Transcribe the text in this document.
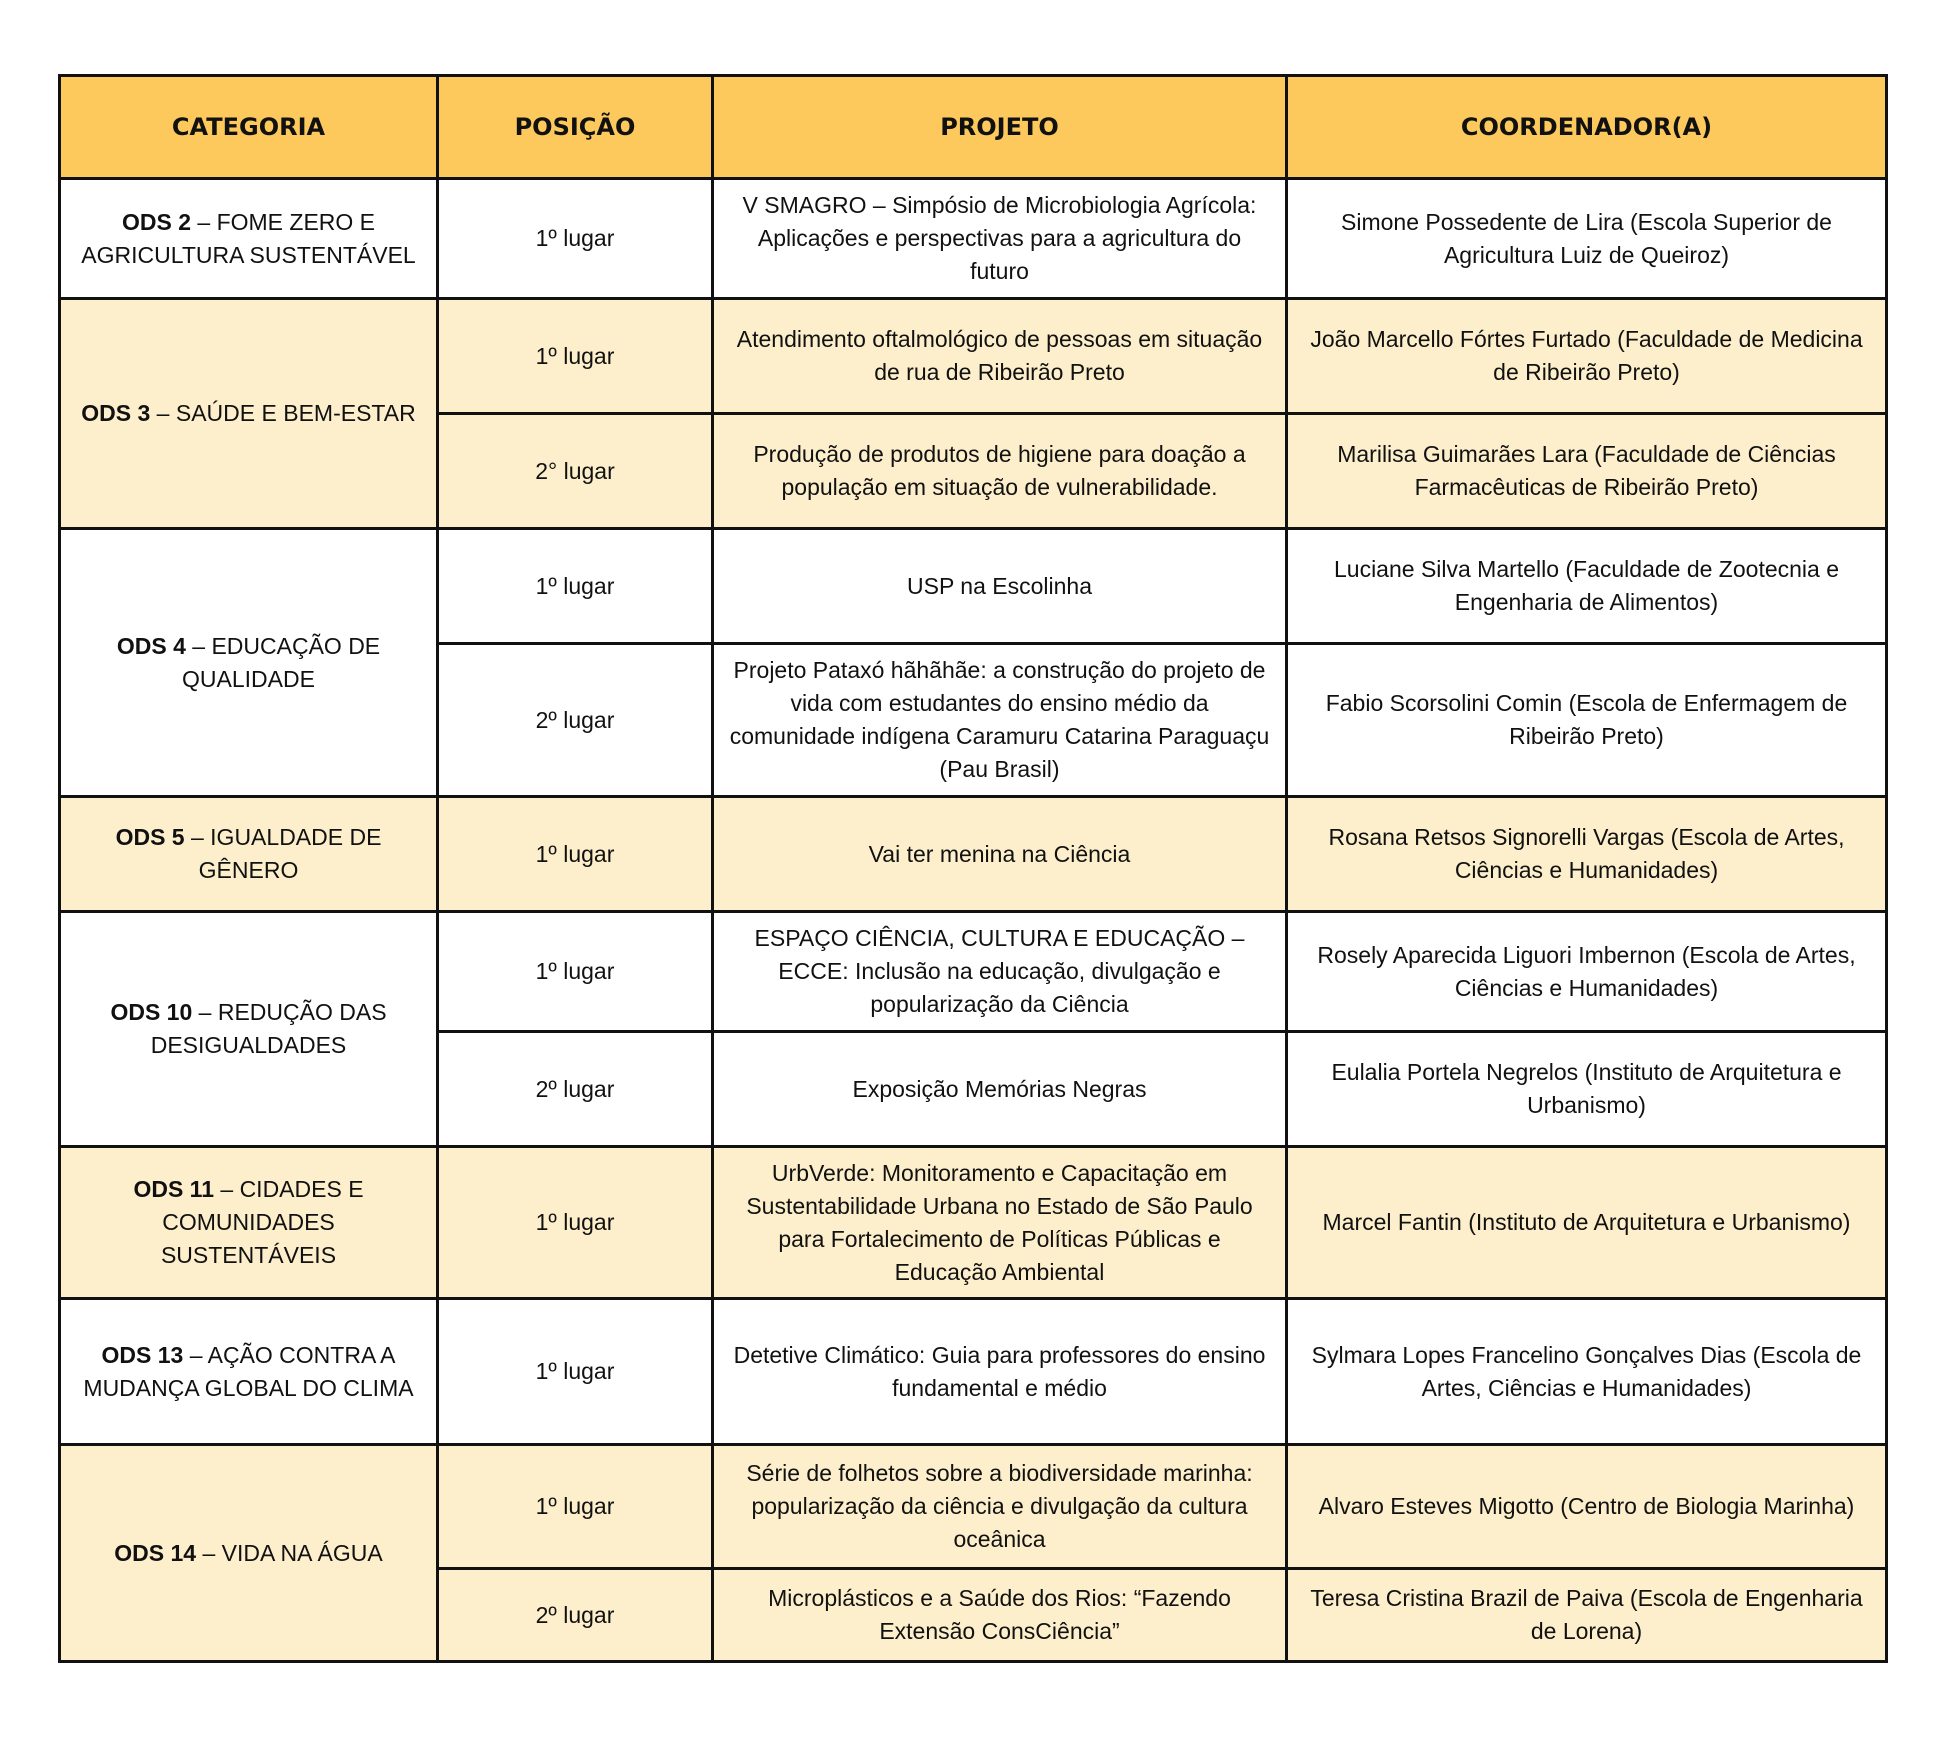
CATEGORIA	POSIÇÃO	PROJETO	COORDENADOR(A)
ODS 2 – FOME ZERO E AGRICULTURA SUSTENTÁVEL	1º lugar	V SMAGRO – Simpósio de Microbiologia Agrícola: Aplicações e perspectivas para a agricultura do futuro	Simone Possedente de Lira (Escola Superior de Agricultura Luiz de Queiroz)
ODS 3 – SAÚDE E BEM-ESTAR	1º lugar	Atendimento oftalmológico de pessoas em situação de rua de Ribeirão Preto	João Marcello Fórtes Furtado (Faculdade de Medicina de Ribeirão Preto)
	2° lugar	Produção de produtos de higiene para doação a população em situação de vulnerabilidade.	Marilisa Guimarães Lara (Faculdade de Ciências Farmacêuticas de Ribeirão Preto)
ODS 4 – EDUCAÇÃO DE QUALIDADE	1º lugar	USP na Escolinha	Luciane Silva Martello (Faculdade de Zootecnia e Engenharia de Alimentos)
	2º lugar	Projeto Pataxó hãhãhãe: a construção do projeto de vida com estudantes do ensino médio da comunidade indígena Caramuru Catarina Paraguaçu (Pau Brasil)	Fabio Scorsolini Comin (Escola de Enfermagem de Ribeirão Preto)
ODS 5 – IGUALDADE DE GÊNERO	1º lugar	Vai ter menina na Ciência	Rosana Retsos Signorelli Vargas (Escola de Artes, Ciências e Humanidades)
ODS 10 – REDUÇÃO DAS DESIGUALDADES	1º lugar	ESPAÇO CIÊNCIA, CULTURA E EDUCAÇÃO – ECCE: Inclusão na educação, divulgação e popularização da Ciência	Rosely Aparecida Liguori Imbernon (Escola de Artes, Ciências e Humanidades)
	2º lugar	Exposição Memórias Negras	Eulalia Portela Negrelos (Instituto de Arquitetura e Urbanismo)
ODS 11 – CIDADES E COMUNIDADES SUSTENTÁVEIS	1º lugar	UrbVerde: Monitoramento e Capacitação em Sustentabilidade Urbana no Estado de São Paulo para Fortalecimento de Políticas Públicas e Educação Ambiental	Marcel Fantin (Instituto de Arquitetura e Urbanismo)
ODS 13 – AÇÃO CONTRA A MUDANÇA GLOBAL DO CLIMA	1º lugar	Detetive Climático: Guia para professores do ensino fundamental e médio	Sylmara Lopes Francelino Gonçalves Dias (Escola de Artes, Ciências e Humanidades)
ODS 14 – VIDA NA ÁGUA	1º lugar	Série de folhetos sobre a biodiversidade marinha: popularização da ciência e divulgação da cultura oceânica	Alvaro Esteves Migotto (Centro de Biologia Marinha)
	2º lugar	Microplásticos e a Saúde dos Rios: “Fazendo Extensão ConsCiência”	Teresa Cristina Brazil de Paiva (Escola de Engenharia de Lorena)
